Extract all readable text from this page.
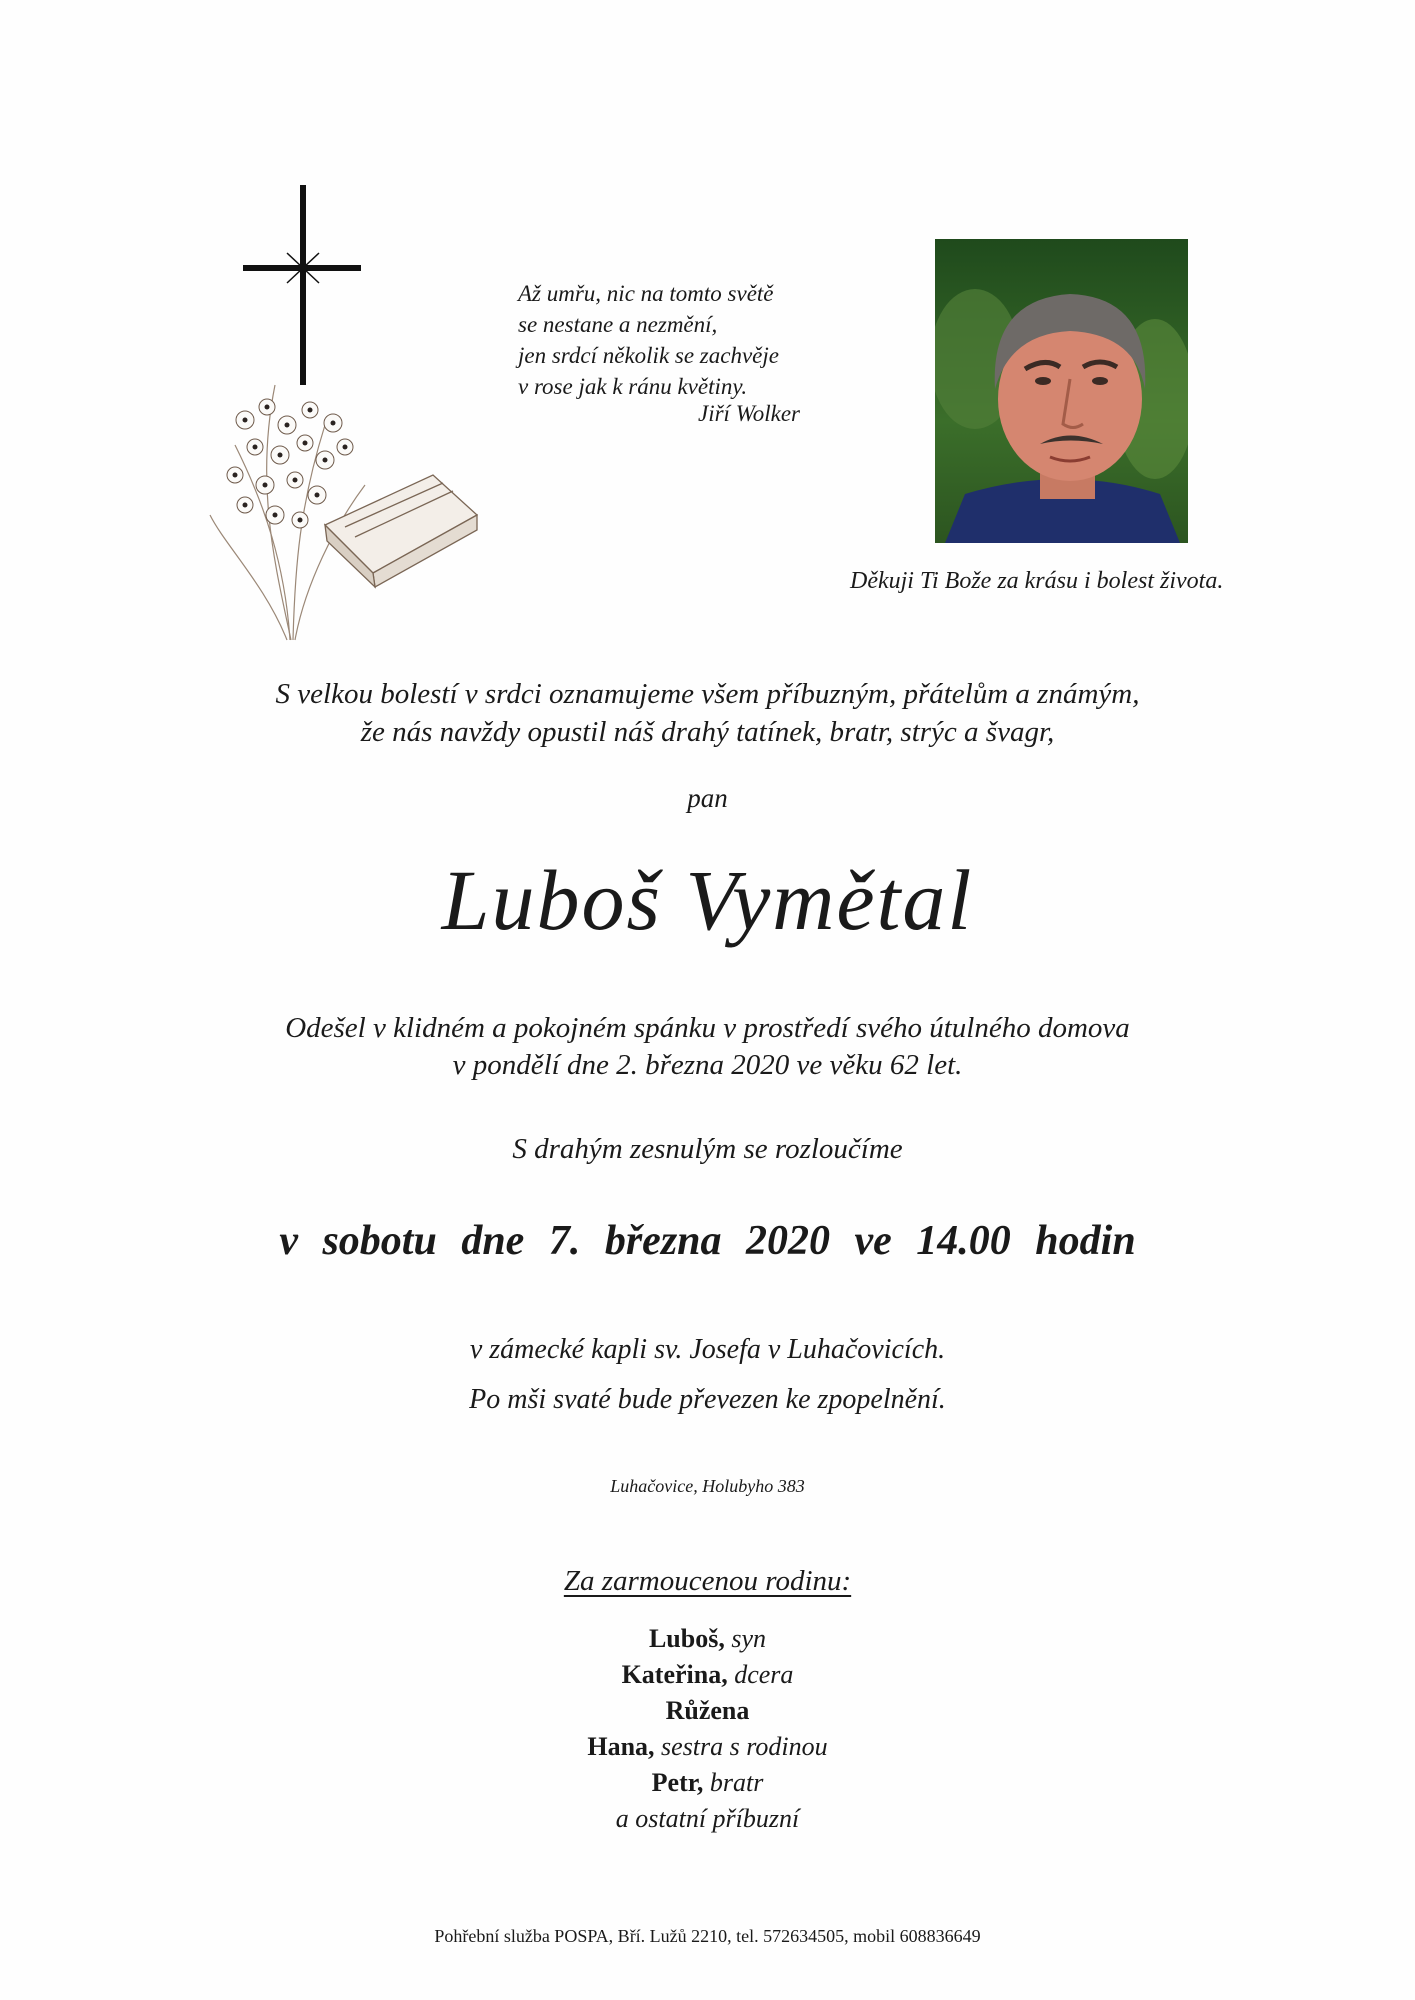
Až umřu, nic na tomto světě
se nestane a nezmění,
jen srdcí několik se zachvěje
v rose jak k ránu květiny.
Jiří Wolker
Děkuji Ti Bože za krásu i bolest života.
S velkou bolestí v srdci oznamujeme všem příbuzným, přátelům a známým,
že nás navždy opustil náš drahý tatínek, bratr, strýc a švagr,
pan
Luboš Vymětal
Odešel v klidném a pokojném spánku v prostředí svého útulného domova
v pondělí dne 2. března 2020 ve věku 62 let.
S drahým zesnulým se rozloučíme
v sobotu dne 7. března 2020 ve 14.00 hodin
v zámecké kapli sv. Josefa v Luhačovicích.
Po mši svaté bude převezen ke zpopelnění.
Luhačovice, Holubyho 383
Za zarmoucenou rodinu:
Luboš, syn
Kateřina, dcera
Růžena
Hana, sestra s rodinou
Petr, bratr
a ostatní příbuzní
Pohřební služba POSPA, Bří. Lužů 2210, tel. 572634505, mobil 608836649
